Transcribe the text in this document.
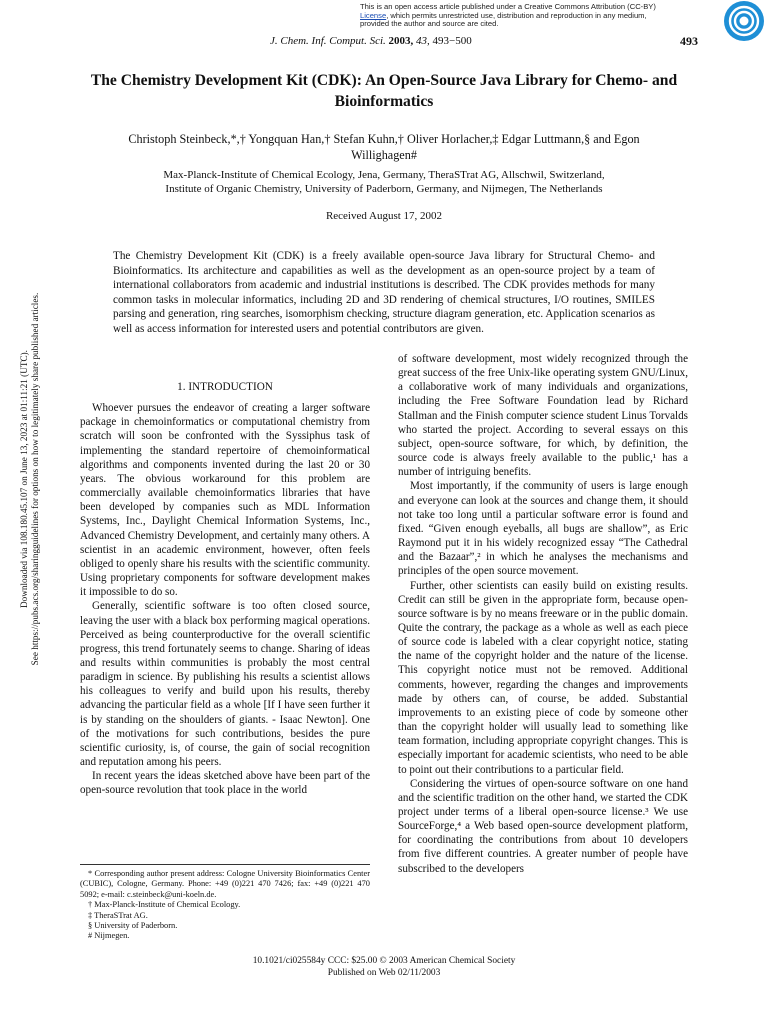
This is an open access article published under a Creative Commons Attribution (CC-BY)
License, which permits unrestricted use, distribution and reproduction in any medium,
provided the author and source are cited.
J. Chem. Inf. Comput. Sci. 2003, 43, 493−500	493
The Chemistry Development Kit (CDK): An Open-Source Java Library for Chemo- and Bioinformatics
Christoph Steinbeck,*,† Yongquan Han,† Stefan Kuhn,† Oliver Horlacher,‡ Edgar Luttmann,§ and Egon Willighagen#
Max-Planck-Institute of Chemical Ecology, Jena, Germany, TheraSTrat AG, Allschwil, Switzerland,
Institute of Organic Chemistry, University of Paderborn, Germany, and Nijmegen, The Netherlands
Received August 17, 2002

The Chemistry Development Kit (CDK) is a freely available open-source Java library for Structural Chemo- and Bioinformatics. Its architecture and capabilities as well as the development as an open-source project by a team of international collaborators from academic and industrial institutions is described. The CDK provides methods for many common tasks in molecular informatics, including 2D and 3D rendering of chemical structures, I/O routines, SMILES parsing and generation, ring searches, isomorphism checking, structure diagram generation, etc. Application scenarios as well as access information for interested users and potential contributors are given.

Downloaded via 108.180.45.107 on June 13, 2023 at 01:11:21 (UTC). See https://pubs.acs.org/sharingguidelines for options on how to legitimately share published articles.	1. INTRODUCTION

Whoever pursues the endeavor of creating a larger software package in chemoinformatics or computational chemistry from scratch will soon be confronted with the Syssiphus task of implementing the standard repertoire of chemoinformatical algorithms and components invented during the last 20 or 30 years. The obvious workaround for this problem are commercially available chemoinformatics libraries that have been developed by companies such as MDL Information Systems, Inc., Daylight Chemical Information Systems, Inc., Advanced Chemistry Development, and certainly many others. A scientist in an academic environment, however, often feels obliged to openly share his results with the scientific community. Using proprietary components for software development makes it impossible to do so.

Generally, scientific software is too often closed source, leaving the user with a black box performing magical operations. Perceived as being counterproductive for the overall scientific progress, this trend fortunately seems to change. Sharing of ideas and results within communities is probably the most central paradigm in science. By publishing his results a scientist allows his colleagues to verify and build upon his results, thereby advancing the particular field as a whole [If I have seen further it is by standing on the shoulders of giants. - Isaac Newton]. One of the motivations for such contributions, besides the pure scientific curiosity, is, of course, the gain of social recognition and reputation among his peers.

In recent years the ideas sketched above have been part of the open-source revolution that took place in the world

of software development, most widely recognized through the great success of the free Unix-like operating system GNU/Linux, a collaborative work of many individuals and organizations, including the Free Software Foundation lead by Richard Stallman and the Finish computer science student Linus Torvalds who started the project. According to several essays on this subject, open-source software, for which, by definition, the source code is always freely available to the public,¹ has a number of intriguing benefits.

Most importantly, if the community of users is large enough and everyone can look at the sources and change them, it should not take too long until a particular software error is found and fixed. “Given enough eyeballs, all bugs are shallow”, as Eric Raymond put it in his widely recognized essay “The Cathedral and the Bazaar”,² in which he analyses the mechanisms and principles of the open source movement.

Further, other scientists can easily build on existing results. Credit can still be given in the appropriate form, because open-source software is by no means freeware or in the public domain. Quite the contrary, the package as a whole as well as each piece of source code is labeled with a clear copyright notice, stating the name of the copyright holder and the nature of the license. This copyright notice must not be removed. Additional comments, however, regarding the changes and improvements made by others can, of course, be added. Substantial improvements to an existing piece of code by someone other than the copyright holder will usually lead to something like team formation, including appropriate copyright changes. This is especially important for academic scientists, who need to be able to point out their contributions to a particular field.

Considering the virtues of open-source software on one hand and the scientific tradition on the other hand, we started the CDK project under terms of a liberal open-source license.³ We use SourceForge,⁴ a Web based open-source development platform, for coordinating the contributions from about 10 developers from five different countries. A greater number of people have subscribed to the developers

* Corresponding author present address: Cologne University Bioinformatics Center (CUBIC), Cologne, Germany. Phone: +49 (0)221 470 7426; fax: +49 (0)221 470 5092; e-mail: c.steinbeck@uni-koeln.de.
† Max-Planck-Institute of Chemical Ecology.
‡ TheraSTrat AG.
§ University of Paderborn.
# Nijmegen.
10.1021/ci025584y CCC: $25.00 © 2003 American Chemical Society
Published on Web 02/11/2003
